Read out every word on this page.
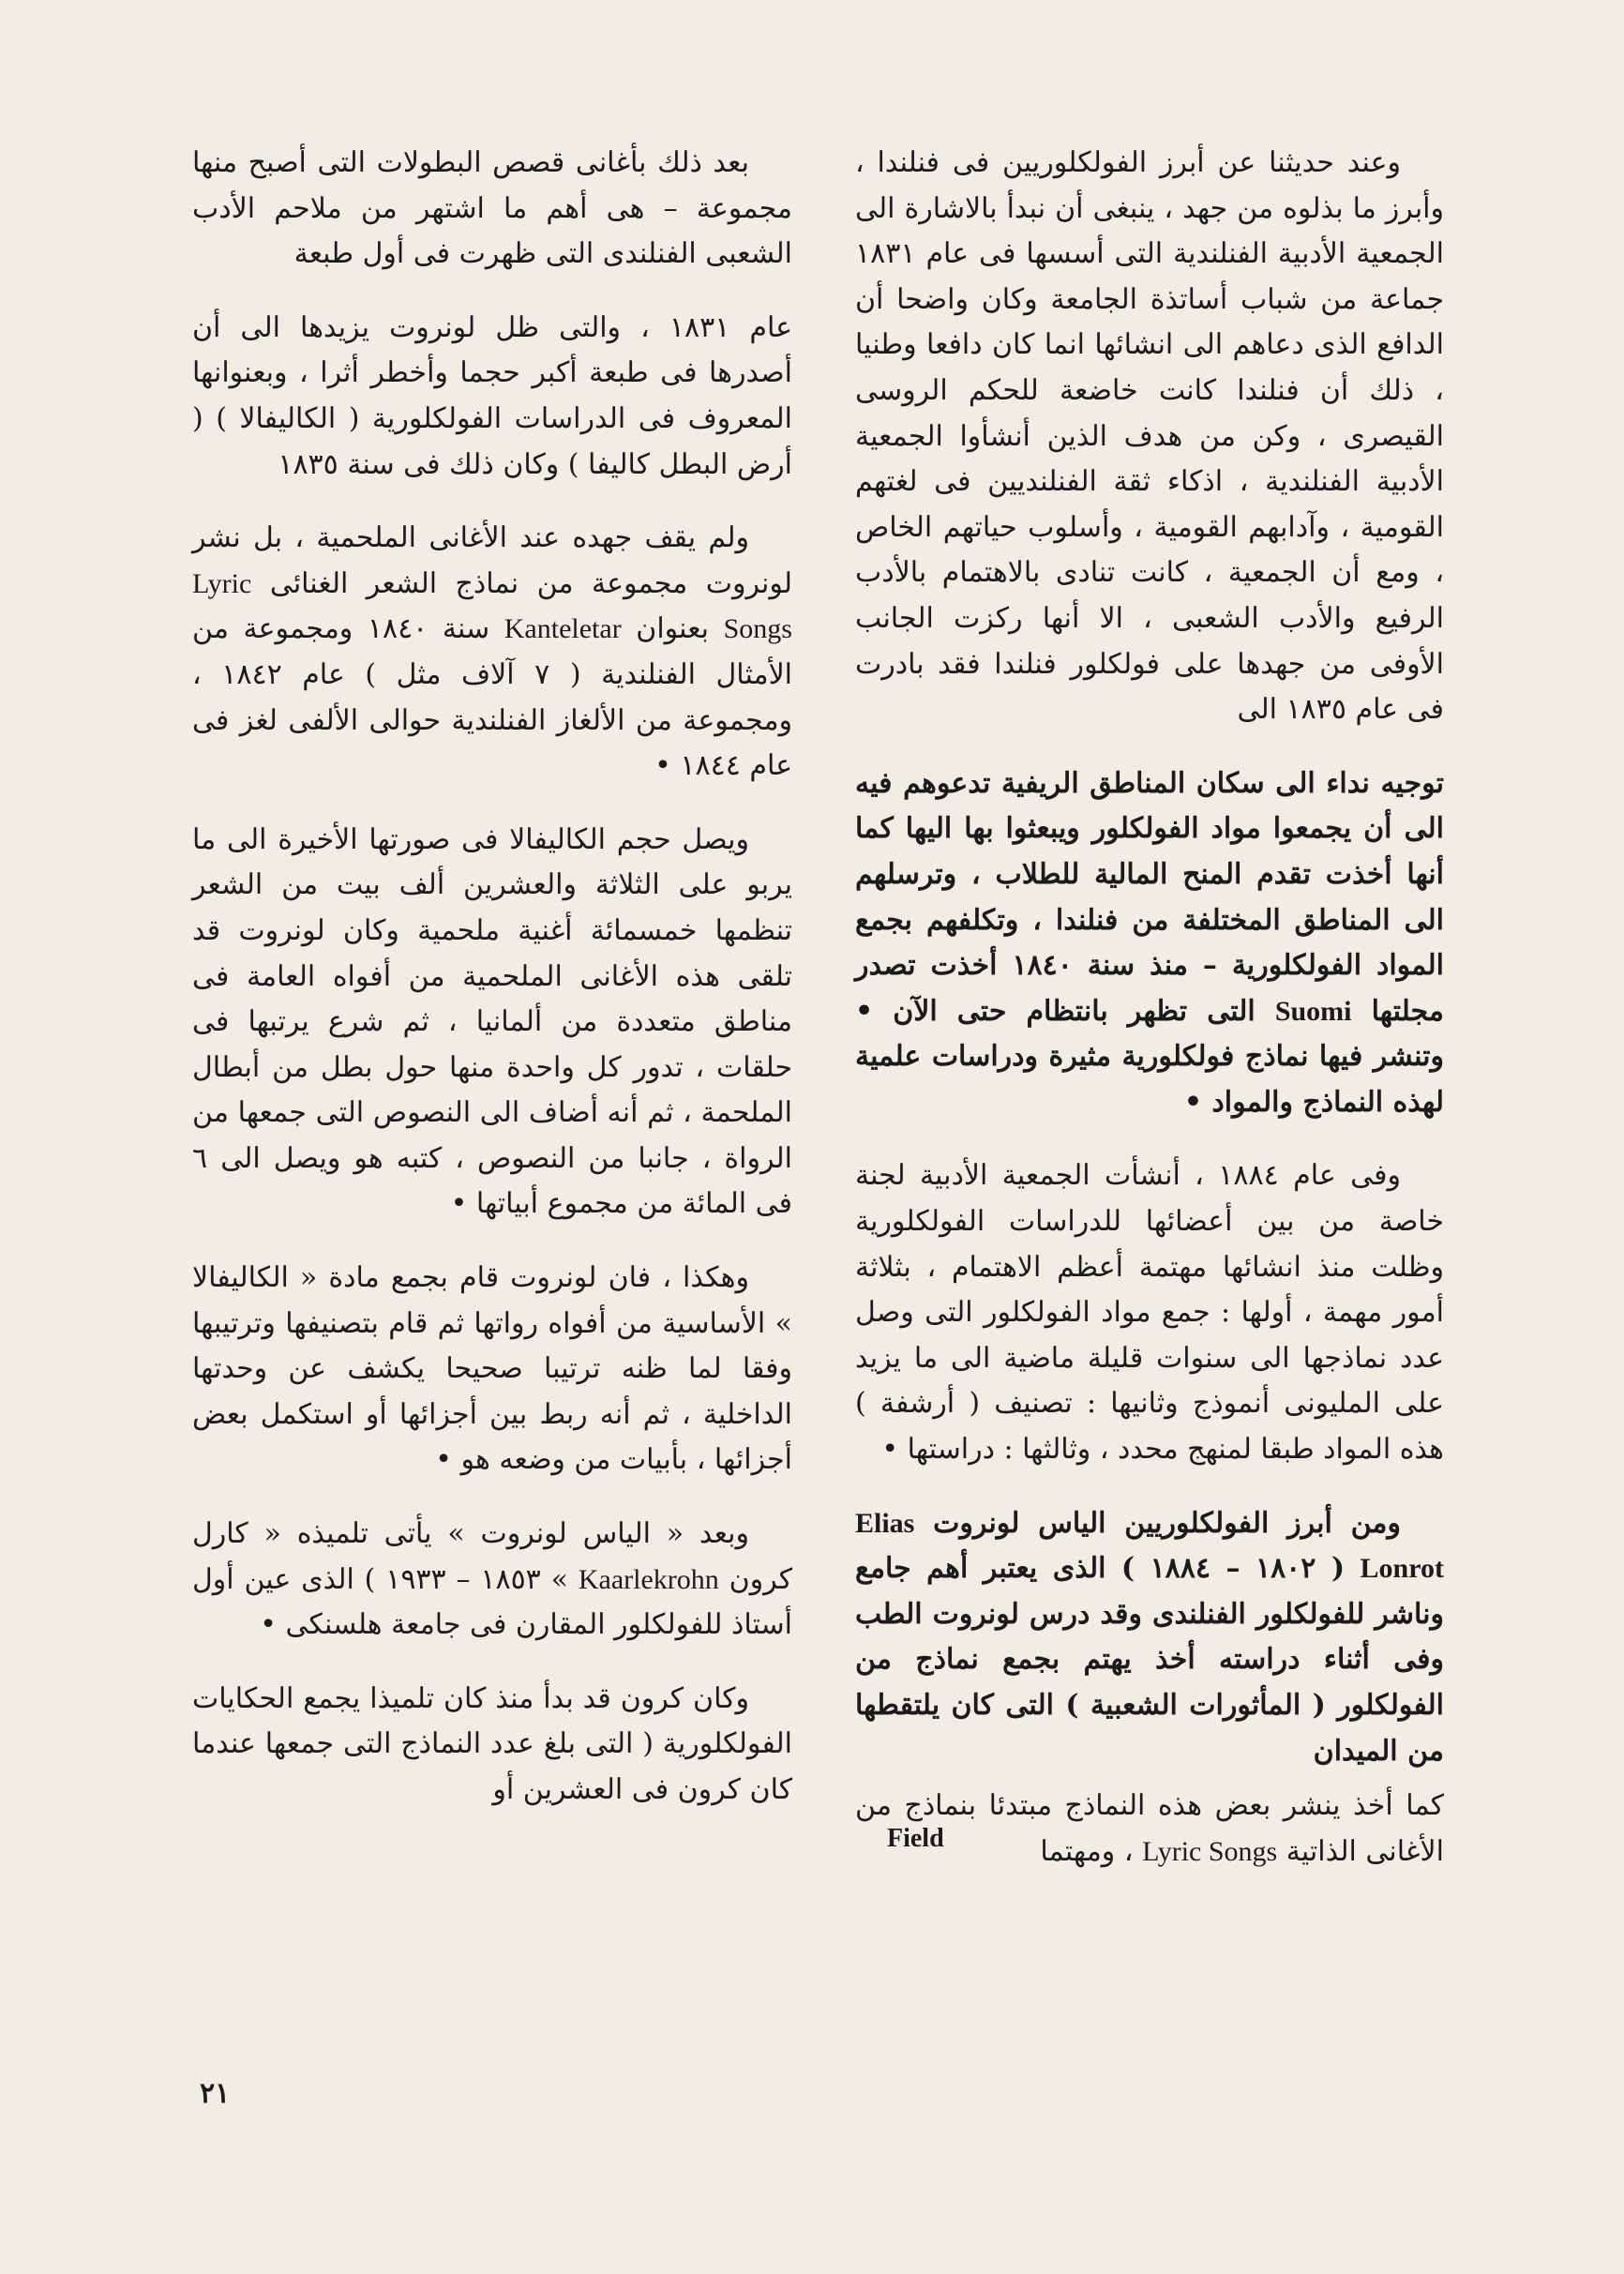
وعند حديثنا عن أبرز الفولكلوريين فى فنلندا ، وأبرز ما بذلوه من جهد ، ينبغى أن نبدأ بالاشارة الى الجمعية الأدبية الفنلندية التى أسسها فى عام ١٨٣١ جماعة من شباب أساتذة الجامعة وكان واضحا أن الدافع الذى دعاهم الى انشائها انما كان دافعا وطنيا ، ذلك أن فنلندا كانت خاضعة للحكم الروسى القيصرى ، وكن من هدف الذين أنشأوا الجمعية الأدبية الفنلندية ، اذكاء ثقة الفنلنديين فى لغتهم القومية ، وآدابهم القومية ، وأسلوب حياتهم الخاص ، ومع أن الجمعية ، كانت تنادى بالاهتمام بالأدب الرفيع والأدب الشعبى ، الا أنها ركزت الجانب الأوفى من جهدها على فولكلور فنلندا فقد بادرت فى عام ١٨٣٥ الى

توجيه نداء الى سكان المناطق الريفية تدعوهم فيه الى أن يجمعوا مواد الفولكلور ويبعثوا بها اليها كما أنها أخذت تقدم المنح المالية للطلاب ، وترسلهم الى المناطق المختلفة من فنلندا ، وتكلفهم بجمع المواد الفولكلورية – منذ سنة ١٨٤٠ أخذت تصدر مجلتها Suomi التى تظهر بانتظام حتى الآن • وتنشر فيها نماذج فولكلورية مثيرة ودراسات علمية لهذه النماذج والمواد •

وفى عام ١٨٨٤ ، أنشأت الجمعية الأدبية لجنة خاصة من بين أعضائها للدراسات الفولكلورية وظلت منذ انشائها مهتمة أعظم الاهتمام ، بثلاثة أمور مهمة ، أولها : جمع مواد الفولكلور التى وصل عدد نماذجها الى سنوات قليلة ماضية الى ما يزيد على المليونى أنموذج وثانيها : تصنيف ( أرشفة ) هذه المواد طبقا لمنهج محدد ، وثالثها : دراستها •

ومن أبرز الفولكلوريين الياس لونروت Elias Lonrot ( ١٨٠٢ – ١٨٨٤ ) الذى يعتبر أهم جامع وناشر للفولكلور الفنلندى وقد درس لونروت الطب وفى أثناء دراسته أخذ يهتم بجمع نماذج من الفولكلور ( المأثورات الشعبية ) التى كان يلتقطها من الميدان

كما أخذ ينشر بعض هذه النماذج مبتدئا بنماذج من الأغانى الذاتية Lyric Songs ، ومهتما

Field

بعد ذلك بأغانى قصص البطولات التى أصبح منها مجموعة – هى أهم ما اشتهر من ملاحم الأدب الشعبى الفنلندى التى ظهرت فى أول طبعة

عام ١٨٣١ ، والتى ظل لونروت يزيدها الى أن أصدرها فى طبعة أكبر حجما وأخطر أثرا ، وبعنوانها المعروف فى الدراسات الفولكلورية ( الكاليفالا ) ( أرض البطل كاليفا ) وكان ذلك فى سنة ١٨٣٥

ولم يقف جهده عند الأغانى الملحمية ، بل نشر لونروت مجموعة من نماذج الشعر الغنائى Lyric Songs بعنوان Kanteletar سنة ١٨٤٠ ومجموعة من الأمثال الفنلندية ( ٧ آلاف مثل ) عام ١٨٤٢ ، ومجموعة من الألغاز الفنلندية حوالى الألفى لغز فى عام ١٨٤٤ •

ويصل حجم الكاليفالا فى صورتها الأخيرة الى ما يربو على الثلاثة والعشرين ألف بيت من الشعر تنظمها خمسمائة أغنية ملحمية وكان لونروت قد تلقى هذه الأغانى الملحمية من أفواه العامة فى مناطق متعددة من ألمانيا ، ثم شرع يرتبها فى حلقات ، تدور كل واحدة منها حول بطل من أبطال الملحمة ، ثم أنه أضاف الى النصوص التى جمعها من الرواة ، جانبا من النصوص ، كتبه هو ويصل الى ٦ فى المائة من مجموع أبياتها •

وهكذا ، فان لونروت قام بجمع مادة « الكاليفالا » الأساسية من أفواه رواتها ثم قام بتصنيفها وترتيبها وفقا لما ظنه ترتيبا صحيحا يكشف عن وحدتها الداخلية ، ثم أنه ربط بين أجزائها أو استكمل بعض أجزائها ، بأبيات من وضعه هو •

وبعد « الياس لونروت » يأتى تلميذه « كارل كرون Kaarlekrohn » ١٨٥٣ – ١٩٣٣ ) الذى عين أول أستاذ للفولكلور المقارن فى جامعة هلسنكى •

وكان كرون قد بدأ منذ كان تلميذا يجمع الحكايات الفولكلورية ( التى بلغ عدد النماذج التى جمعها عندما كان كرون فى العشرين أو

٢١
